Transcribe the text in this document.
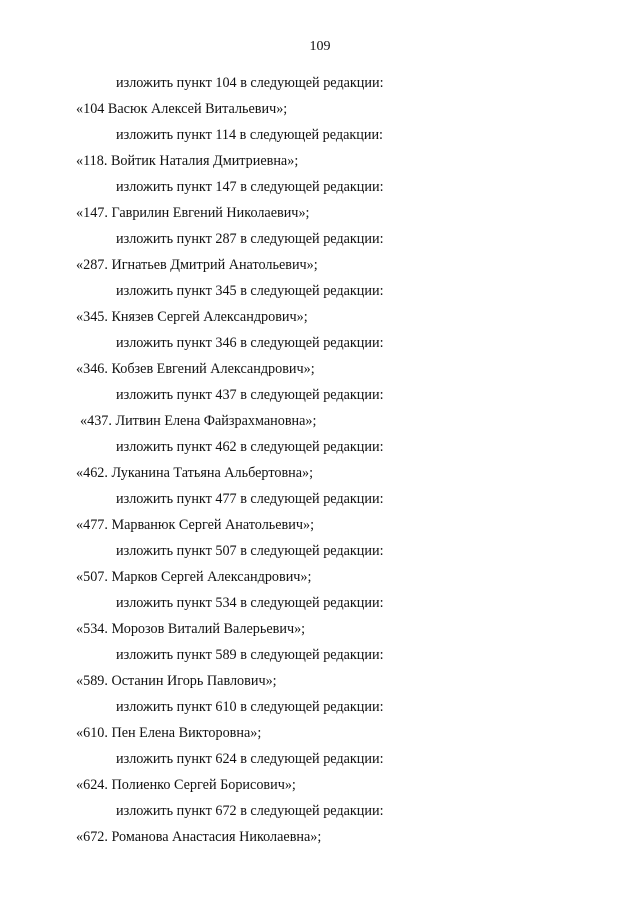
109
изложить пункт 104 в следующей редакции:
«104 Васюк Алексей Витальевич»;
изложить пункт 114 в следующей редакции:
«118. Войтик Наталия Дмитриевна»;
изложить пункт 147 в следующей редакции:
«147. Гаврилин Евгений Николаевич»;
изложить пункт 287 в следующей редакции:
«287. Игнатьев Дмитрий Анатольевич»;
изложить пункт 345 в следующей редакции:
«345. Князев Сергей Александрович»;
изложить пункт 346 в следующей редакции:
«346. Кобзев Евгений Александрович»;
изложить пункт 437 в следующей редакции:
«437. Литвин Елена Файзрахмановна»;
изложить пункт 462 в следующей редакции:
«462. Луканина Татьяна Альбертовна»;
изложить пункт 477 в следующей редакции:
«477. Марванюк Сергей Анатольевич»;
изложить пункт 507 в следующей редакции:
«507. Марков Сергей Александрович»;
изложить пункт 534 в следующей редакции:
«534. Морозов Виталий Валерьевич»;
изложить пункт 589 в следующей редакции:
«589. Останин Игорь Павлович»;
изложить пункт 610 в следующей редакции:
«610. Пен Елена Викторовна»;
изложить пункт 624 в следующей редакции:
«624. Полиенко Сергей Борисович»;
изложить пункт 672 в следующей редакции:
«672. Романова Анастасия Николаевна»;
